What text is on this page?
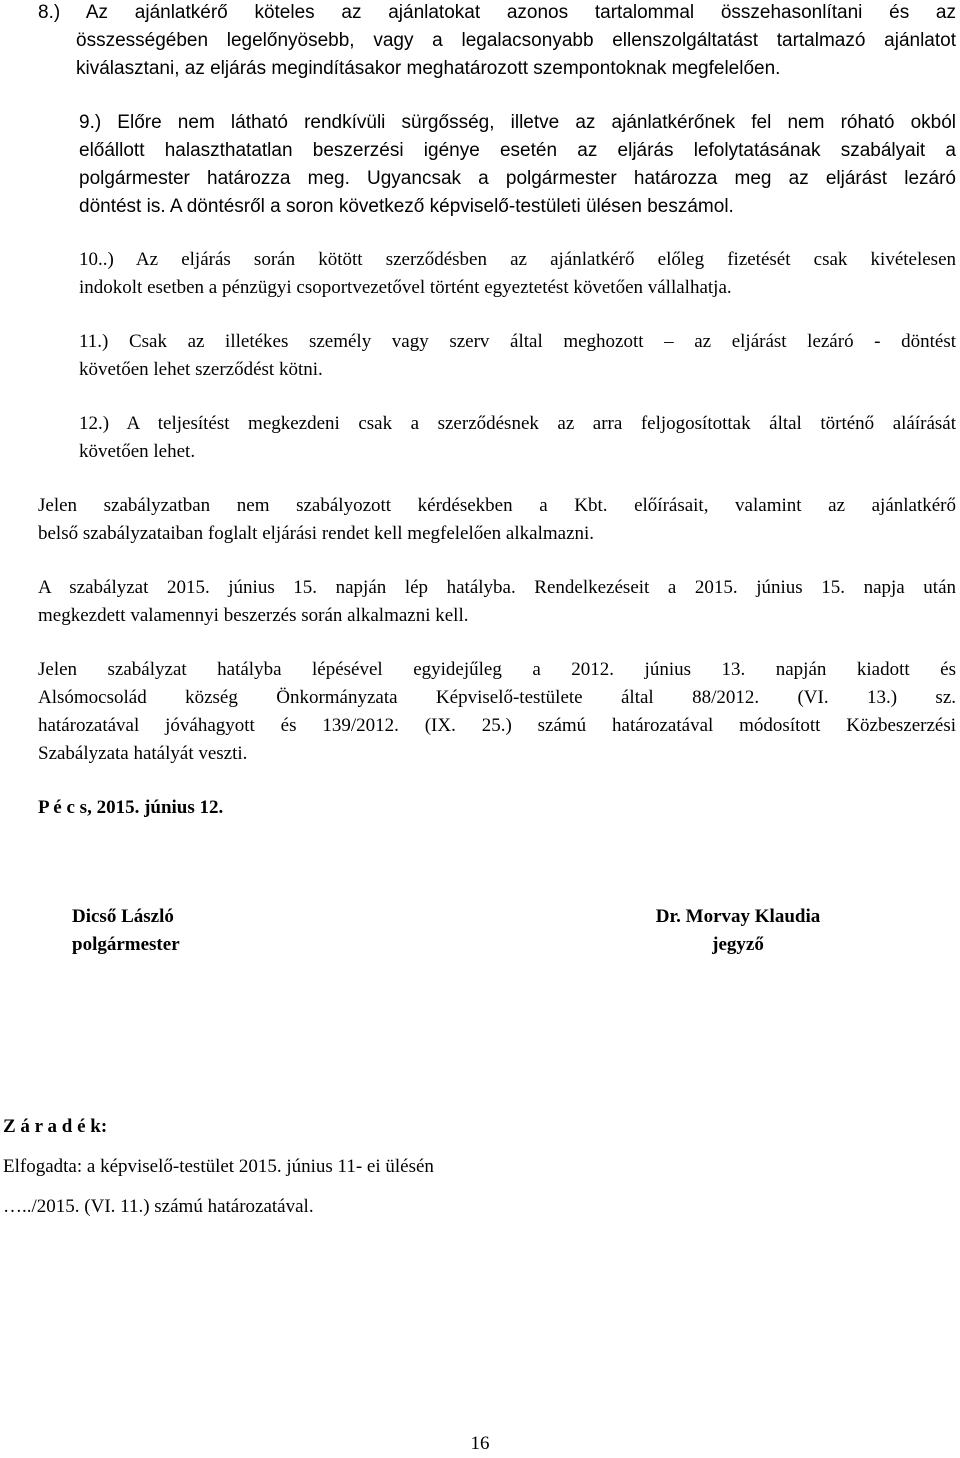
8.) Az ajánlatkérő köteles az ajánlatokat azonos tartalommal összehasonlítani és az
összességében legelőnyösebb, vagy a legalacsonyabb ellenszolgáltatást tartalmazó ajánlatot
kiválasztani, az eljárás megindításakor meghatározott szempontoknak megfelelően.
9.) Előre nem látható rendkívüli sürgősség, illetve az ajánlatkérőnek fel nem róható okból
előállott halaszthatatlan beszerzési igénye esetén az eljárás lefolytatásának szabályait a
polgármester határozza meg. Ugyancsak a polgármester határozza meg az eljárást lezáró
döntést is. A döntésről a soron következő képviselő-testületi ülésen beszámol.
10..) Az eljárás során kötött szerződésben az ajánlatkérő előleg fizetését csak kivételesen
indokolt esetben a pénzügyi csoportvezetővel történt egyeztetést követően vállalhatja.
11.) Csak az illetékes személy vagy szerv által meghozott – az eljárást lezáró - döntést
követően lehet szerződést kötni.
12.) A teljesítést megkezdeni csak a szerződésnek az arra feljogosítottak által történő aláírását
követően lehet.
Jelen szabályzatban nem szabályozott kérdésekben a Kbt. előírásait, valamint az ajánlatkérő
belső szabályzataiban foglalt eljárási rendet kell megfelelően alkalmazni.
A szabályzat 2015. június 15. napján lép hatályba. Rendelkezéseit a 2015. június 15. napja után
megkezdett valamennyi beszerzés során alkalmazni kell.
Jelen szabályzat hatályba lépésével egyidejűleg a 2012. június 13. napján kiadott és
Alsómocsolád község Önkormányzata Képviselő-testülete által 88/2012. (VI. 13.) sz.
határozatával jóváhagyott és 139/2012. (IX. 25.) számú határozatával módosított Közbeszerzési
Szabályzata hatályát veszti.
P é c s, 2015. június 12.
Dicső László
polgármester
Dr. Morvay Klaudia
jegyző
Z á r a d é k:
Elfogadta: a képviselő-testület 2015. június 11- ei ülésén
…../2015. (VI. 11.) számú határozatával.
16
